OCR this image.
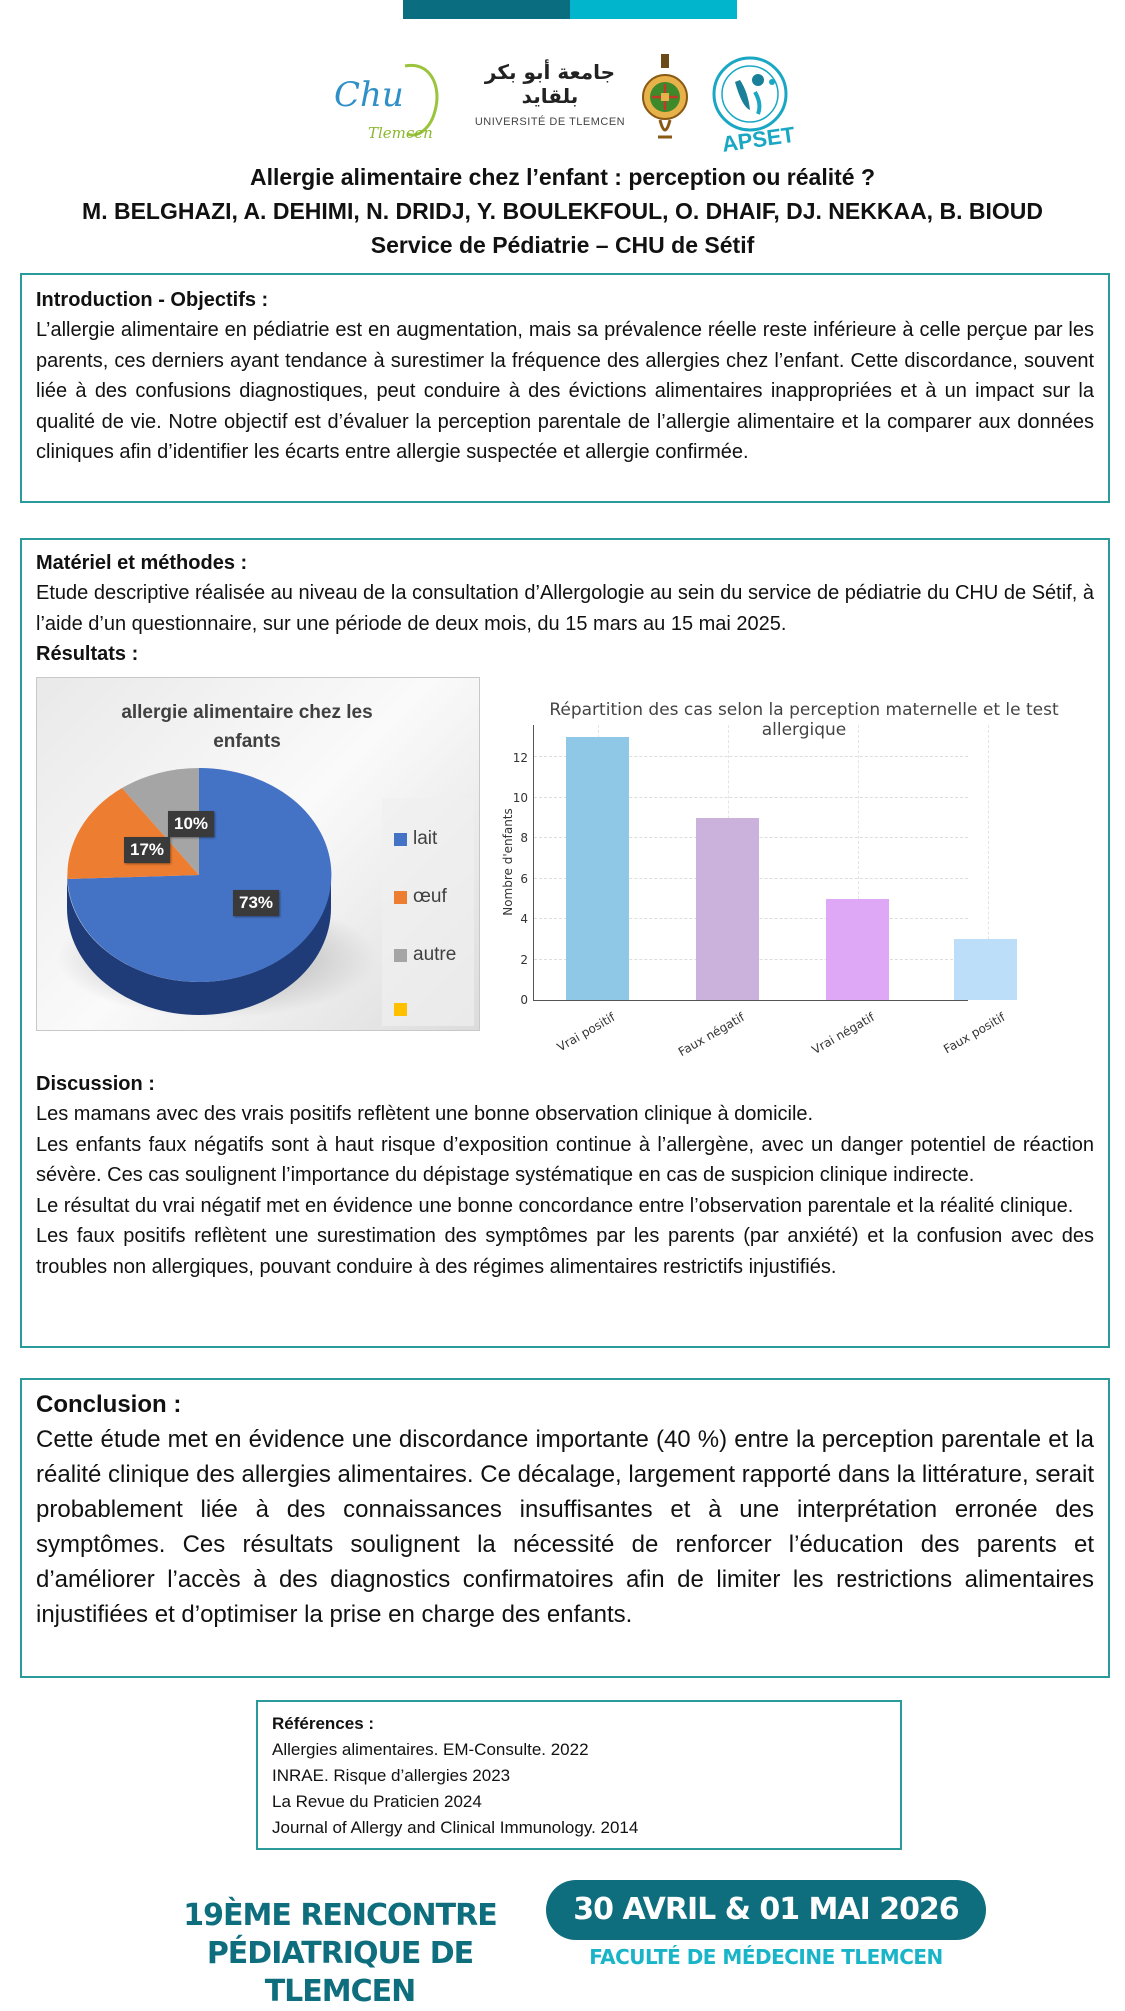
Chu
Tlemcen
جامعة أبو بكر بلقايد
UNIVERSITÉ DE TLEMCEN	APSET
Allergie alimentaire chez l’enfant : perception ou réalité ?
M. BELGHAZI, A. DEHIMI, N. DRIDJ, Y. BOULEKFOUL, O. DHAIF, DJ. NEKKAA, B. BIOUD
Service de Pédiatrie – CHU de Sétif
Introduction - Objectifs :
L’allergie alimentaire en pédiatrie est en augmentation, mais sa prévalence réelle reste inférieure à celle perçue par les parents, ces derniers ayant tendance à surestimer la fréquence des allergies chez l’enfant. Cette discordance, souvent liée à des confusions diagnostiques, peut conduire à des évictions alimentaires inappropriées et à un impact sur la qualité de vie. Notre objectif est d’évaluer la perception parentale de l’allergie alimentaire et la comparer aux données cliniques afin d’identifier les écarts entre allergie suspectée et allergie confirmée.
Matériel et méthodes :
Etude descriptive réalisée au niveau de la consultation d’Allergologie au sein du service de pédiatrie du CHU de Sétif, à l’aide d’un questionnaire, sur une période de deux mois, du 15 mars au 15 mai 2025.
Résultats :
Discussion :
Les mamans avec des vrais positifs reflètent une bonne observation clinique à domicile.
Les enfants faux négatifs sont à haut risque d’exposition continue à l’allergène, avec un danger potentiel de réaction sévère. Ces cas soulignent l’importance du dépistage systématique en cas de suspicion clinique indirecte.
Le résultat du vrai négatif met en évidence une bonne concordance entre l’observation parentale et la réalité clinique.
Les faux positifs reflètent une surestimation des symptômes par les parents (par anxiété) et la confusion avec des troubles non allergiques, pouvant conduire à des régimes alimentaires restrictifs injustifiés.
allergie alimentaire chez les enfants
10%
17%
73%
lait
œuf
autre
Répartition des cas selon la perception maternelle et le test allergique
Nombre d'enfants
0
2
4
6
8
10
12
Vrai positif	Faux négatif	Vrai négatif	Faux positif
Conclusion :
Cette étude met en évidence une discordance importante (40 %) entre la perception parentale et la réalité clinique des allergies alimentaires. Ce décalage, largement rapporté dans la littérature, serait probablement liée à des connaissances insuffisantes et à une interprétation erronée des symptômes. Ces résultats soulignent la nécessité de renforcer l’éducation des parents et d’améliorer l’accès à des diagnostics confirmatoires afin de limiter les restrictions alimentaires injustifiées et d’optimiser la prise en charge des enfants.
Références :
Allergies alimentaires. EM-Consulte. 2022
INRAE. Risque d’allergies 2023
La Revue du Praticien 2024
Journal of Allergy and Clinical Immunology. 2014
19ÈME RENCONTRE
PÉDIATRIQUE DE TLEMCEN
30 AVRIL & 01 MAI 2026
FACULTÉ DE MÉDECINE TLEMCEN
